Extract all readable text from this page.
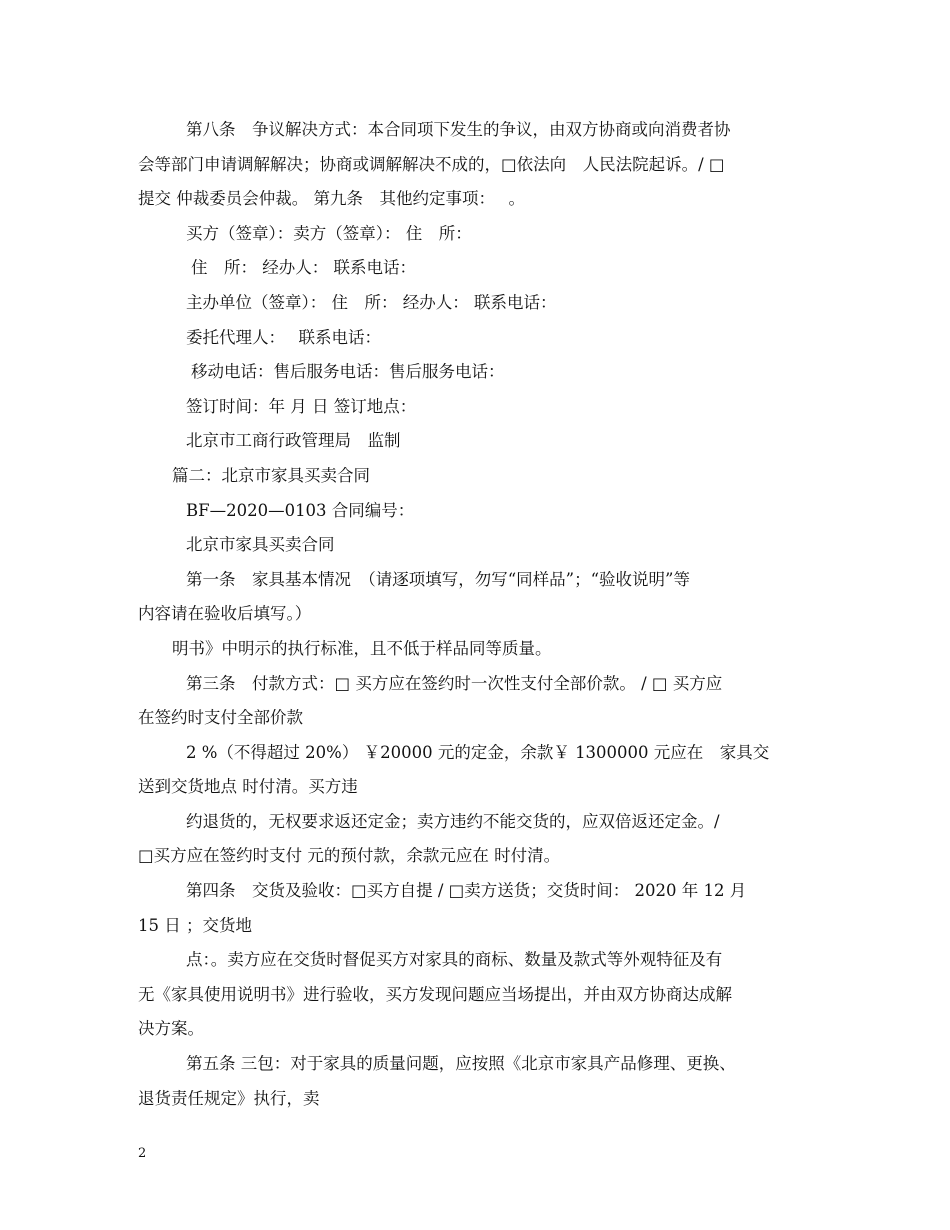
第八条　争议解决方式：本合同项下发生的争议，由双方协商或向消费者协
会等部门申请调解解决；协商或调解解决不成的，□依法向　人民法院起诉。/ □
提交 仲裁委员会仲裁。 第九条　其他约定事项：　 。
买方（签章）：卖方（签章）： 住　所：
住　所： 经办人： 联系电话：
主办单位（签章）： 住　所： 经办人： 联系电话：
委托代理人：　 联系电话：
移动电话：售后服务电话：售后服务电话：
签订时间：年 月 日 签订地点：
北京市工商行政管理局　监制
篇二：北京市家具买卖合同
BF—2020—0103 合同编号：
北京市家具买卖合同
第一条　家具基本情况　（请逐项填写，勿写“同样品”；“验收说明”等
内容请在验收后填写。）
明书》中明示的执行标准，且不低于样品同等质量。
第三条　付款方式：□ 买方应在签约时一次性支付全部价款。 / □ 买方应
在签约时支付全部价款
2 %（不得超过 20%） ￥20000 元的定金，余款￥ 1300000 元应在　家具交
送到交货地点 时付清。买方违
约退货的，无权要求返还定金；卖方违约不能交货的，应双倍返还定金。/
□买方应在签约时支付 元的预付款，余款元应在 时付清。
第四条　交货及验收：□买方自提 / □卖方送货；交货时间： 2020 年 12 月
15 日 ；交货地
点：。卖方应在交货时督促买方对家具的商标、数量及款式等外观特征及有
无《家具使用说明书》进行验收，买方发现问题应当场提出，并由双方协商达成解
决方案。
第五条 三包：对于家具的质量问题，应按照《北京市家具产品修理、更换、
退货责任规定》执行，卖
2
